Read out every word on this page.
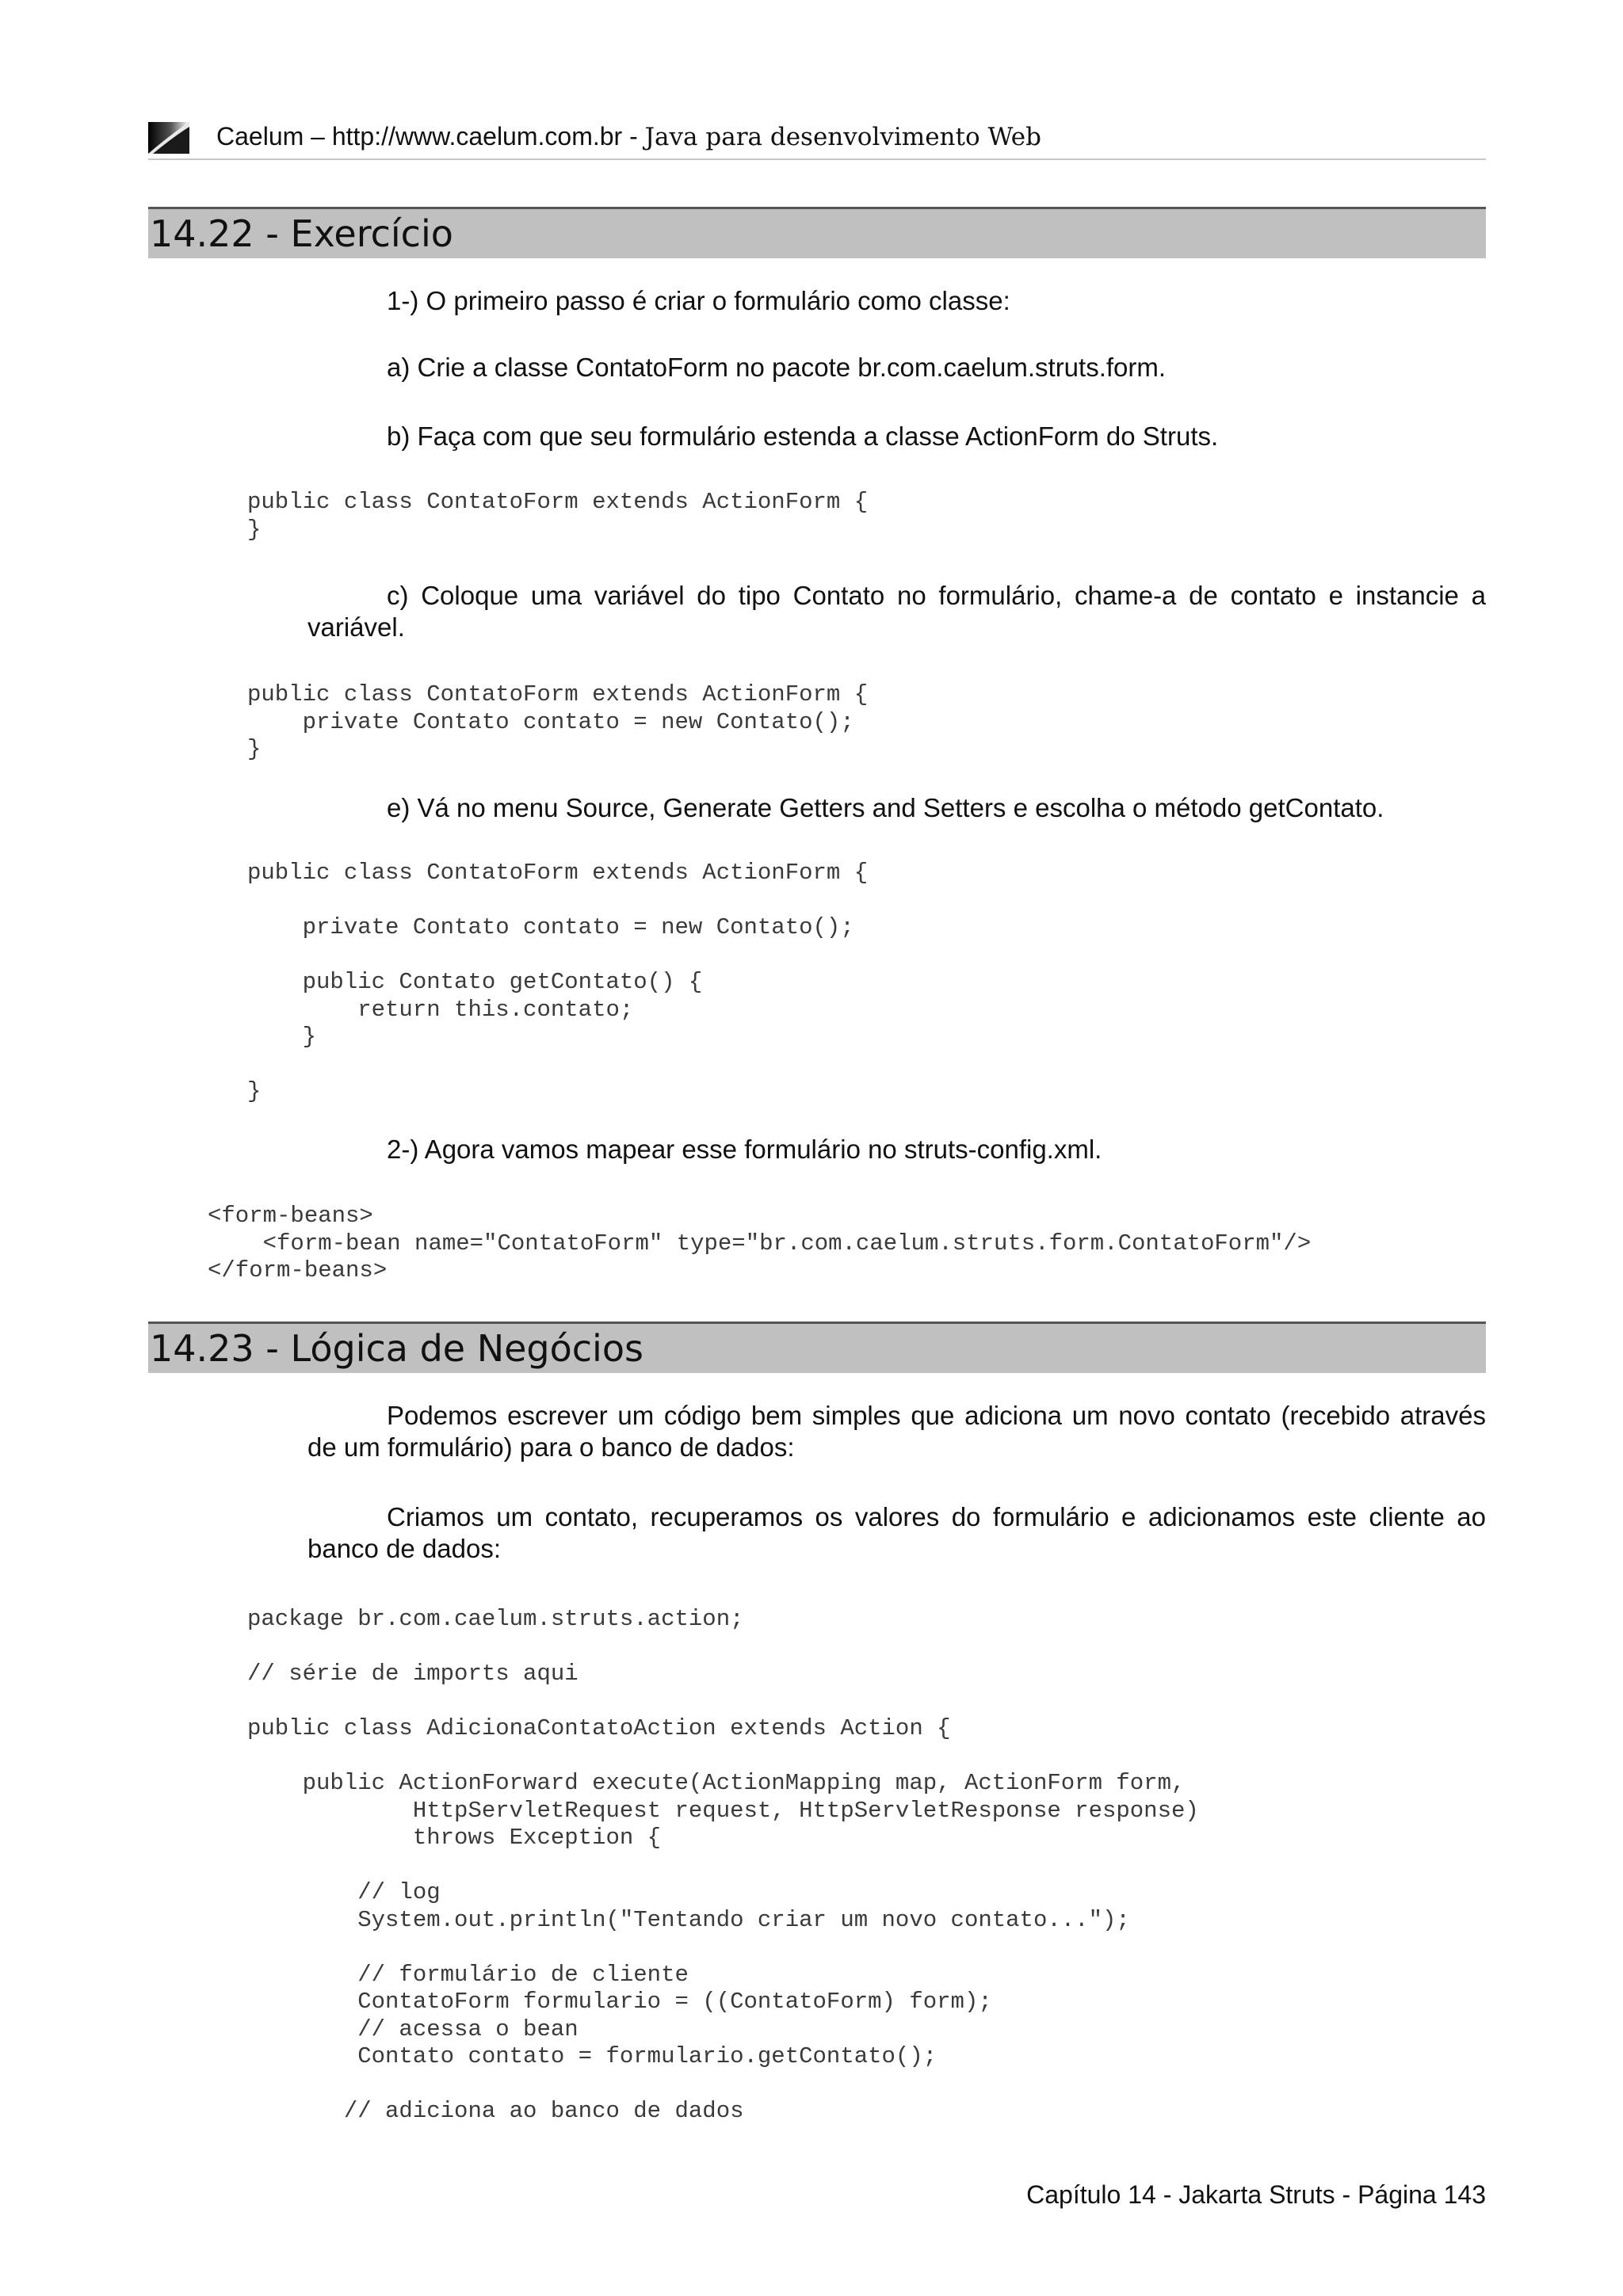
Caelum – http://www.caelum.com.br - Java para desenvolvimento Web
14.22 - Exercício
1-) O primeiro passo é criar o formulário como classe:
a) Crie a classe ContatoForm no pacote br.com.caelum.struts.form.
b) Faça com que seu formulário estenda a classe ActionForm do Struts.
public class ContatoForm extends ActionForm {
}
c) Coloque uma variável do tipo Contato no formulário, chame-a de contato e instancie a variável.
public class ContatoForm extends ActionForm {
private Contato contato = new Contato();
}
e) Vá no menu Source, Generate Getters and Setters e escolha o método getContato.
public class ContatoForm extends ActionForm {

private Contato contato = new Contato();

public Contato getContato() {
return this.contato;
}

}
2-) Agora vamos mapear esse formulário no struts-config.xml.
<form-beans>
<form-bean name="ContatoForm" type="br.com.caelum.struts.form.ContatoForm"/>
</form-beans>
14.23 - Lógica de Negócios
Podemos escrever um código bem simples que adiciona um novo contato (recebido através de um formulário) para o banco de dados:
Criamos um contato, recuperamos os valores do formulário e adicionamos este cliente ao banco de dados:
package br.com.caelum.struts.action;

// série de imports aqui

public class AdicionaContatoAction extends Action {

public ActionForward execute(ActionMapping map, ActionForm form,
HttpServletRequest request, HttpServletResponse response)
throws Exception {

// log
System.out.println("Tentando criar um novo contato...");

// formulário de cliente
ContatoForm formulario = ((ContatoForm) form);
// acessa o bean
Contato contato = formulario.getContato();

// adiciona ao banco de dados
Capítulo 14 - Jakarta Struts - Página 143
